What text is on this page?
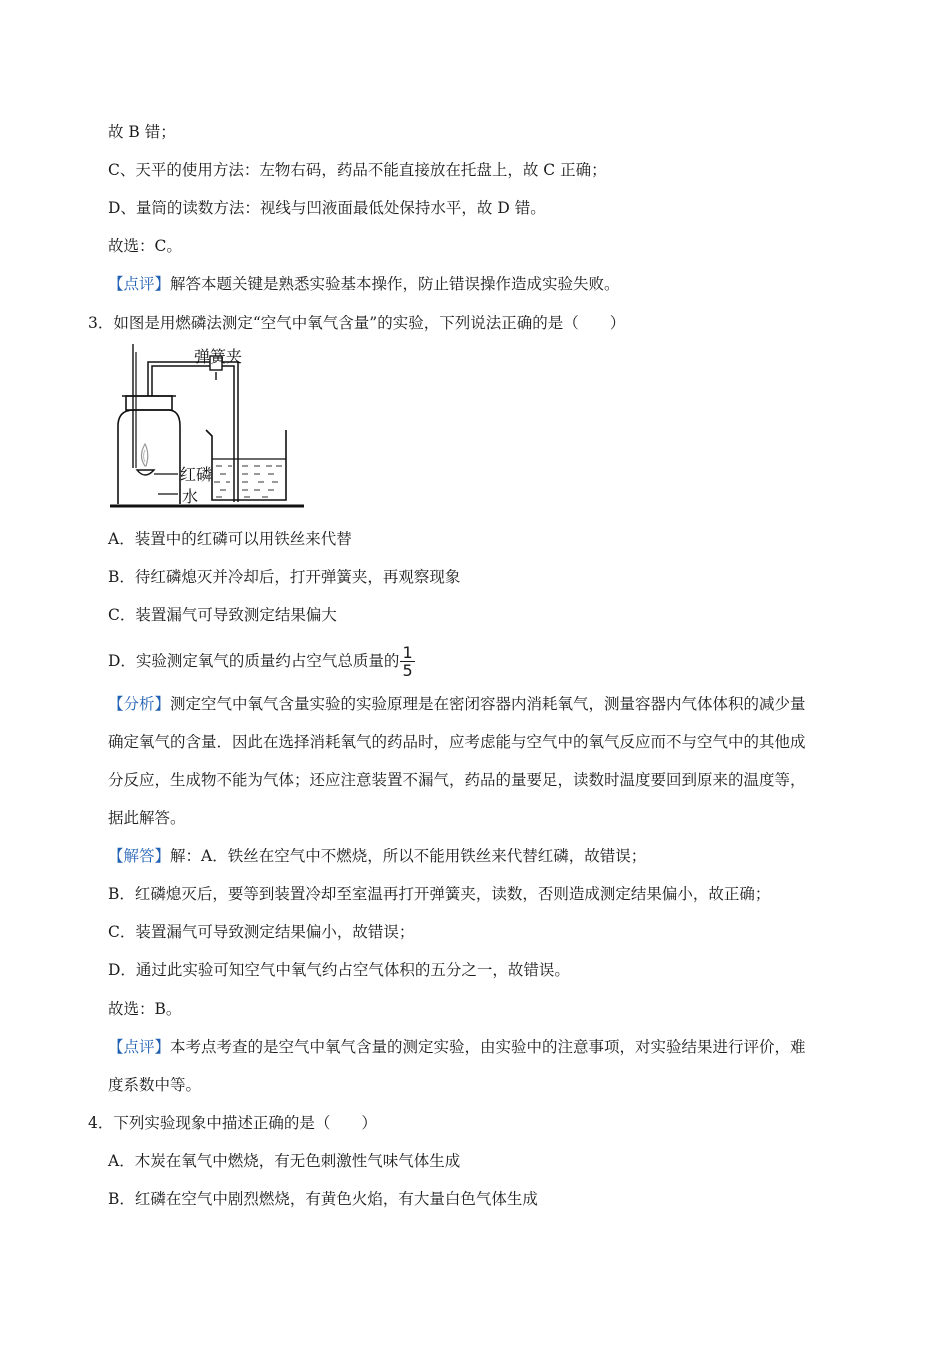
故 B 错；
C、天平的使用方法：左物右码，药品不能直接放在托盘上，故 C 正确；
D、量筒的读数方法：视线与凹液面最低处保持水平，故 D 错。
故选：C。
【点评】解答本题关键是熟悉实验基本操作，防止错误操作造成实验失败。
3．如图是用燃磷法测定“空气中氧气含量”的实验，下列说法正确的是（　　）
弹簧夹
红磷
水
A．装置中的红磷可以用铁丝来代替
B．待红磷熄灭并冷却后，打开弹簧夹，再观察现象
C．装置漏气可导致测定结果偏大
D．实验测定氧气的质量约占空气总质量的 $\frac{1}{5}$
【分析】测定空气中氧气含量实验的实验原理是在密闭容器内消耗氧气，测量容器内气体体积的减少量
确定氧气的含量．因此在选择消耗氧气的药品时，应考虑能与空气中的氧气反应而不与空气中的其他成
分反应，生成物不能为气体；还应注意装置不漏气，药品的量要足，读数时温度要回到原来的温度等，
据此解答。
【解答】解：A．铁丝在空气中不燃烧，所以不能用铁丝来代替红磷，故错误；
B．红磷熄灭后，要等到装置冷却至室温再打开弹簧夹，读数，否则造成测定结果偏小，故正确；
C．装置漏气可导致测定结果偏小，故错误；
D．通过此实验可知空气中氧气约占空气体积的五分之一，故错误。
故选：B。
【点评】本考点考查的是空气中氧气含量的测定实验，由实验中的注意事项，对实验结果进行评价，难
度系数中等。
4．下列实验现象中描述正确的是（　　）
A．木炭在氧气中燃烧，有无色刺激性气味气体生成
B．红磷在空气中剧烈燃烧，有黄色火焰，有大量白色气体生成
